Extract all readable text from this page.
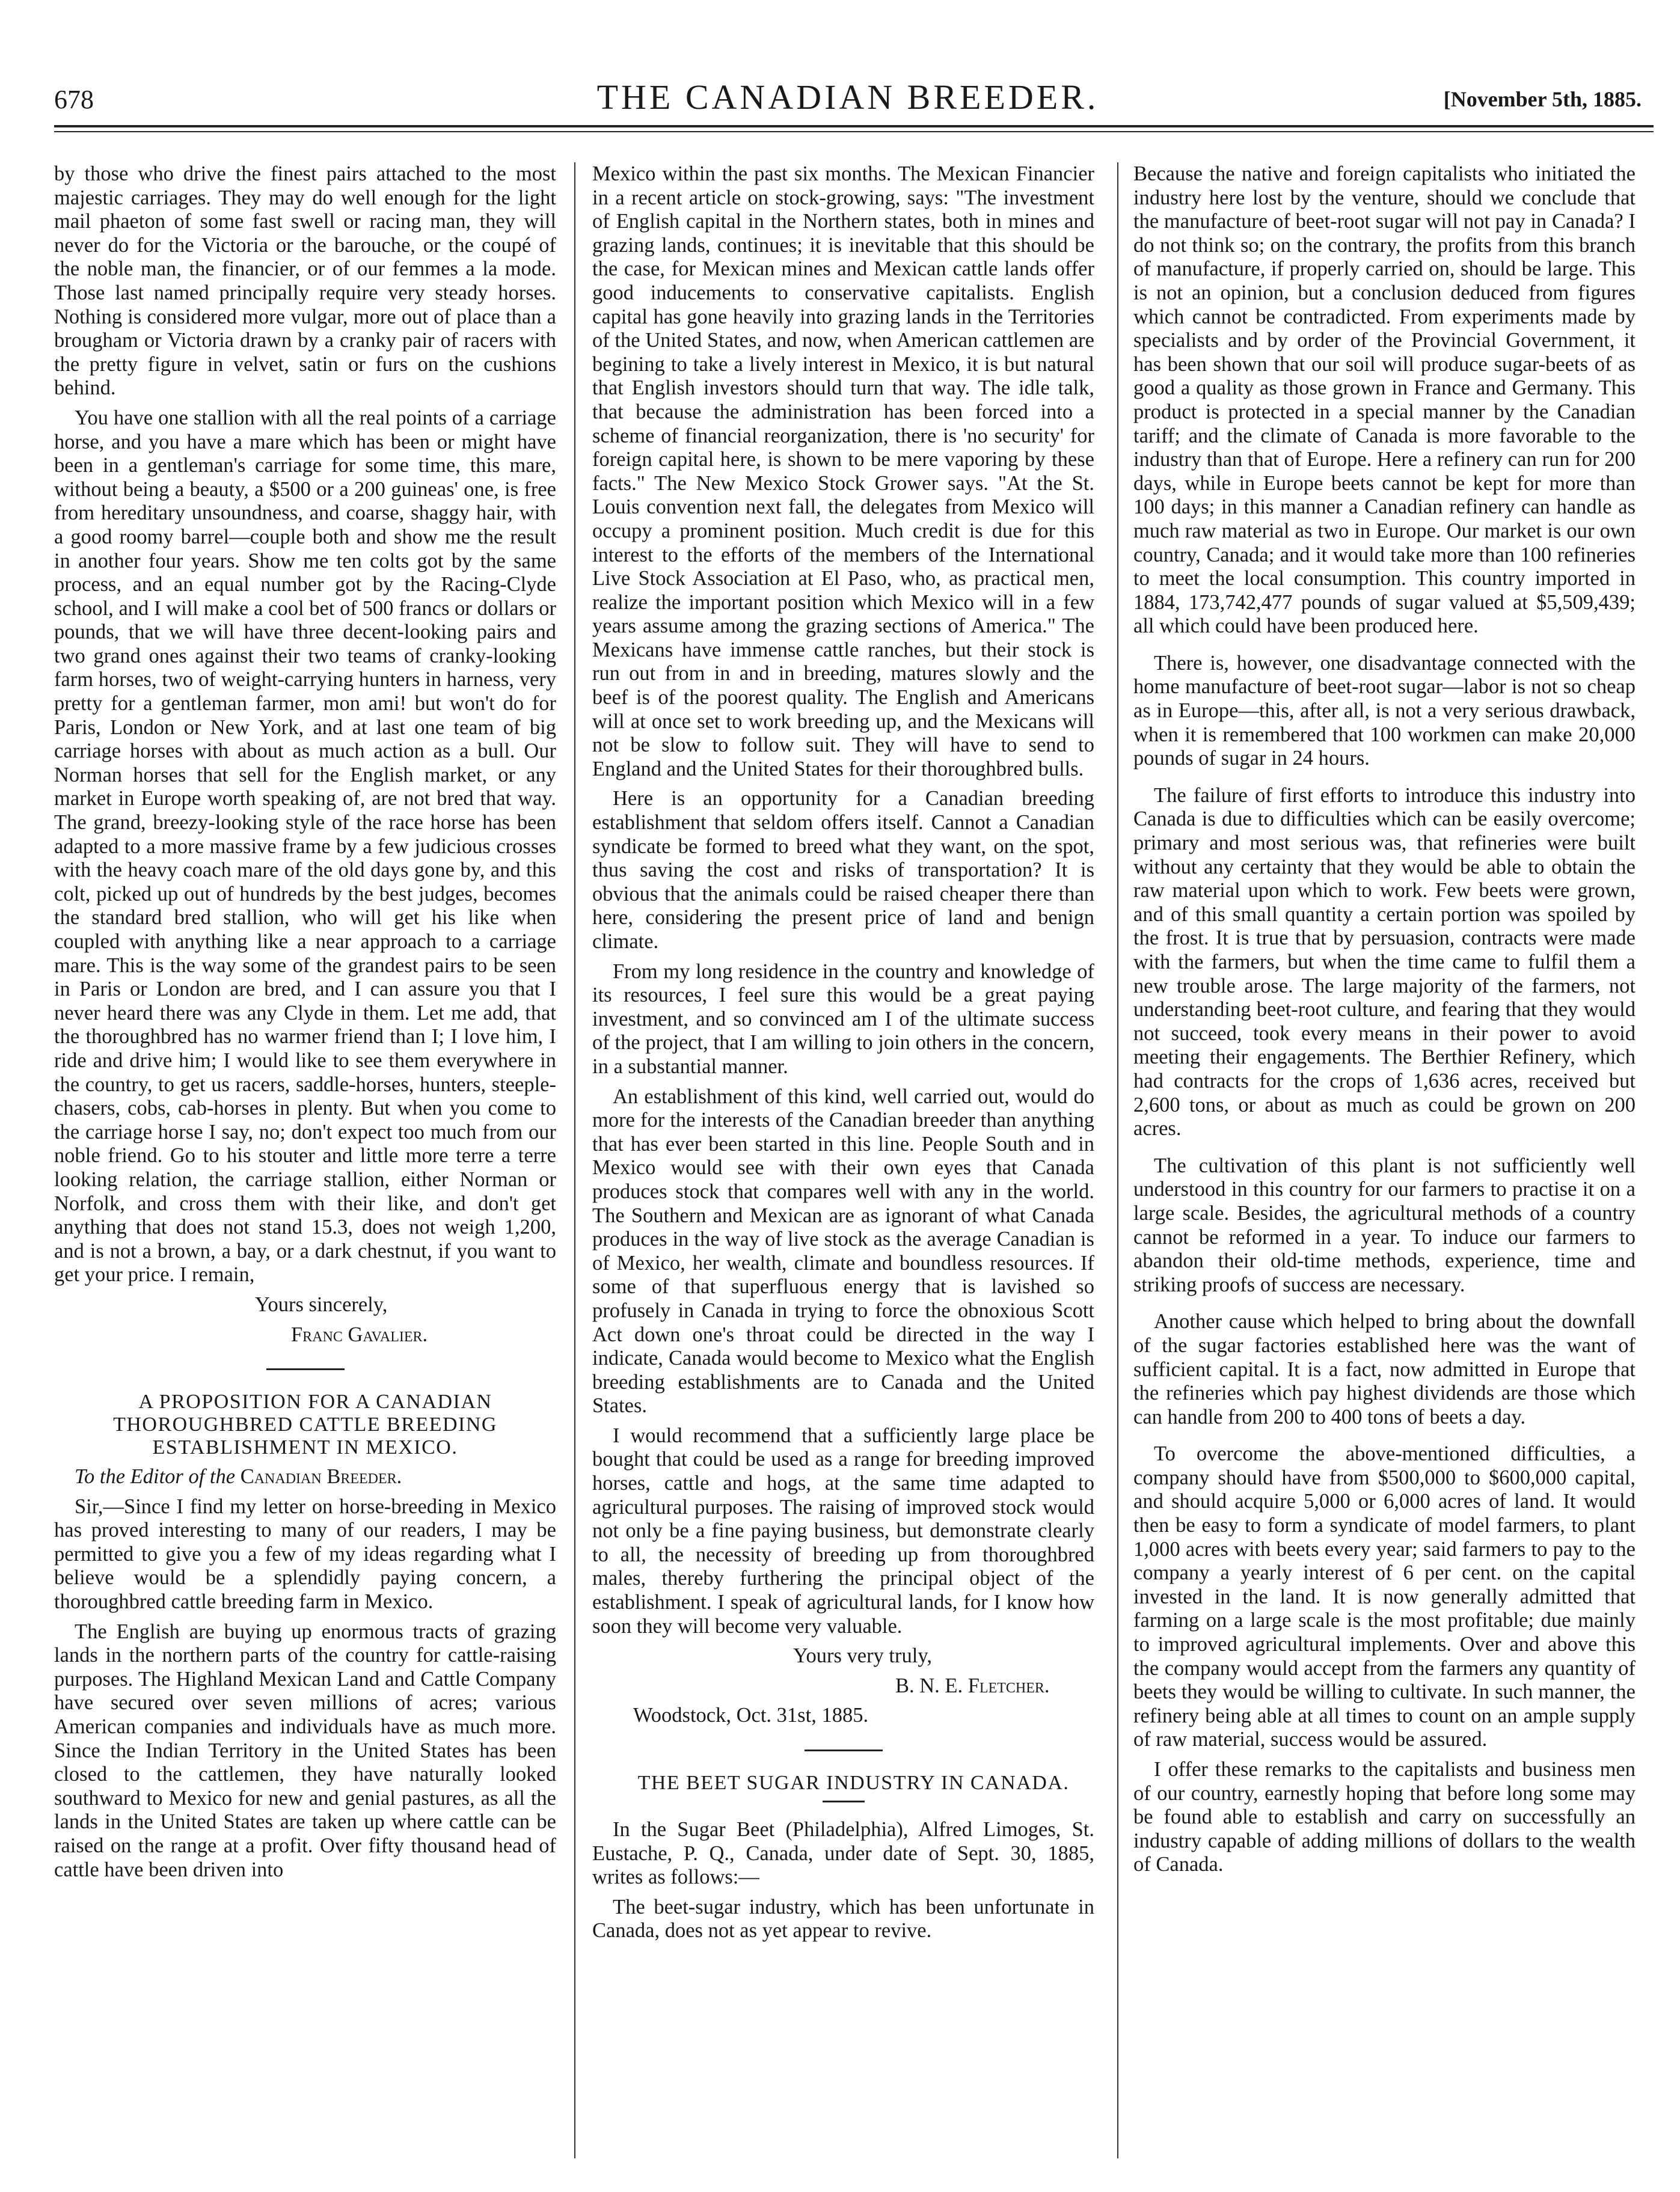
678	THE CANADIAN BREEDER.	[November 5th, 1885.

by those who drive the finest pairs attached to the most majestic carriages. They may do well enough for the light mail phaeton of some fast swell or racing man, they will never do for the Victoria or the barouche, or the coupé of the noble man, the financier, or of our femmes a la mode. Those last named principally require very steady horses. Nothing is considered more vulgar, more out of place than a brougham or Victoria drawn by a cranky pair of racers with the pretty figure in velvet, satin or furs on the cushions behind.

You have one stallion with all the real points of a carriage horse, and you have a mare which has been or might have been in a gentleman's carriage for some time, this mare, without being a beauty, a $500 or a 200 guineas' one, is free from hereditary unsoundness, and coarse, shaggy hair, with a good roomy barrel—couple both and show me the result in another four years. Show me ten colts got by the same process, and an equal number got by the Racing-Clyde school, and I will make a cool bet of 500 francs or dollars or pounds, that we will have three decent-looking pairs and two grand ones against their two teams of cranky-looking farm horses, two of weight-carrying hunters in harness, very pretty for a gentleman farmer, mon ami! but won't do for Paris, London or New York, and at last one team of big carriage horses with about as much action as a bull. Our Norman horses that sell for the English market, or any market in Europe worth speaking of, are not bred that way. The grand, breezy-looking style of the race horse has been adapted to a more massive frame by a few judicious crosses with the heavy coach mare of the old days gone by, and this colt, picked up out of hundreds by the best judges, becomes the standard bred stallion, who will get his like when coupled with anything like a near approach to a carriage mare. This is the way some of the grandest pairs to be seen in Paris or London are bred, and I can assure you that I never heard there was any Clyde in them. Let me add, that the thoroughbred has no warmer friend than I; I love him, I ride and drive him; I would like to see them everywhere in the country, to get us racers, saddle-horses, hunters, steeple-chasers, cobs, cab-horses in plenty. But when you come to the carriage horse I say, no; don't expect too much from our noble friend. Go to his stouter and little more terre a terre looking relation, the carriage stallion, either Norman or Norfolk, and cross them with their like, and don't get anything that does not stand 15.3, does not weigh 1,200, and is not a brown, a bay, or a dark chestnut, if you want to get your price. I remain,

Yours sincerely,

Franc Gavalier.

A PROPOSITION FOR A CANADIAN THOROUGHBRED CATTLE BREEDING ESTABLISHMENT IN MEXICO.

To the Editor of the Canadian Breeder.

Sir,—Since I find my letter on horse-breeding in Mexico has proved interesting to many of our readers, I may be permitted to give you a few of my ideas regarding what I believe would be a splendidly paying concern, a thoroughbred cattle breeding farm in Mexico.

The English are buying up enormous tracts of grazing lands in the northern parts of the country for cattle-raising purposes. The Highland Mexican Land and Cattle Company have secured over seven millions of acres; various American companies and individuals have as much more. Since the Indian Territory in the United States has been closed to the cattlemen, they have naturally looked southward to Mexico for new and genial pastures, as all the lands in the United States are taken up where cattle can be raised on the range at a profit. Over fifty thousand head of cattle have been driven into

Mexico within the past six months. The Mexican Financier in a recent article on stock-growing, says: "The investment of English capital in the Northern states, both in mines and grazing lands, continues; it is inevitable that this should be the case, for Mexican mines and Mexican cattle lands offer good inducements to conservative capitalists. English capital has gone heavily into grazing lands in the Territories of the United States, and now, when American cattlemen are begining to take a lively interest in Mexico, it is but natural that English investors should turn that way. The idle talk, that because the administration has been forced into a scheme of financial reorganization, there is 'no security' for foreign capital here, is shown to be mere vaporing by these facts." The New Mexico Stock Grower says. "At the St. Louis convention next fall, the delegates from Mexico will occupy a prominent position. Much credit is due for this interest to the efforts of the members of the International Live Stock Association at El Paso, who, as practical men, realize the important position which Mexico will in a few years assume among the grazing sections of America." The Mexicans have immense cattle ranches, but their stock is run out from in and in breeding, matures slowly and the beef is of the poorest quality. The English and Americans will at once set to work breeding up, and the Mexicans will not be slow to follow suit. They will have to send to England and the United States for their thoroughbred bulls.

Here is an opportunity for a Canadian breeding establishment that seldom offers itself. Cannot a Canadian syndicate be formed to breed what they want, on the spot, thus saving the cost and risks of transportation? It is obvious that the animals could be raised cheaper there than here, considering the present price of land and benign climate.

From my long residence in the country and knowledge of its resources, I feel sure this would be a great paying investment, and so convinced am I of the ultimate success of the project, that I am willing to join others in the concern, in a substantial manner.

An establishment of this kind, well carried out, would do more for the interests of the Canadian breeder than anything that has ever been started in this line. People South and in Mexico would see with their own eyes that Canada produces stock that compares well with any in the world. The Southern and Mexican are as ignorant of what Canada produces in the way of live stock as the average Canadian is of Mexico, her wealth, climate and boundless resources. If some of that superfluous energy that is lavished so profusely in Canada in trying to force the obnoxious Scott Act down one's throat could be directed in the way I indicate, Canada would become to Mexico what the English breeding establishments are to Canada and the United States.

I would recommend that a sufficiently large place be bought that could be used as a range for breeding improved horses, cattle and hogs, at the same time adapted to agricultural purposes. The raising of improved stock would not only be a fine paying business, but demonstrate clearly to all, the necessity of breeding up from thoroughbred males, thereby furthering the principal object of the establishment. I speak of agricultural lands, for I know how soon they will become very valuable.

Yours very truly,

B. N. E. Fletcher.

Woodstock, Oct. 31st, 1885.

THE BEET SUGAR INDUSTRY IN CANADA.

In the Sugar Beet (Philadelphia), Alfred Limoges, St. Eustache, P. Q., Canada, under date of Sept. 30, 1885, writes as follows:—

The beet-sugar industry, which has been unfortunate in Canada, does not as yet appear to revive.

Because the native and foreign capitalists who initiated the industry here lost by the venture, should we conclude that the manufacture of beet-root sugar will not pay in Canada? I do not think so; on the contrary, the profits from this branch of manufacture, if properly carried on, should be large. This is not an opinion, but a conclusion deduced from figures which cannot be contradicted. From experiments made by specialists and by order of the Provincial Government, it has been shown that our soil will produce sugar-beets of as good a quality as those grown in France and Germany. This product is protected in a special manner by the Canadian tariff; and the climate of Canada is more favorable to the industry than that of Europe. Here a refinery can run for 200 days, while in Europe beets cannot be kept for more than 100 days; in this manner a Canadian refinery can handle as much raw material as two in Europe. Our market is our own country, Canada; and it would take more than 100 refineries to meet the local consumption. This country imported in 1884, 173,742,477 pounds of sugar valued at $5,509,439; all which could have been produced here.

There is, however, one disadvantage connected with the home manufacture of beet-root sugar—labor is not so cheap as in Europe—this, after all, is not a very serious drawback, when it is remembered that 100 workmen can make 20,000 pounds of sugar in 24 hours.

The failure of first efforts to introduce this industry into Canada is due to difficulties which can be easily overcome; primary and most serious was, that refineries were built without any certainty that they would be able to obtain the raw material upon which to work. Few beets were grown, and of this small quantity a certain portion was spoiled by the frost. It is true that by persuasion, contracts were made with the farmers, but when the time came to fulfil them a new trouble arose. The large majority of the farmers, not understanding beet-root culture, and fearing that they would not succeed, took every means in their power to avoid meeting their engagements. The Berthier Refinery, which had contracts for the crops of 1,636 acres, received but 2,600 tons, or about as much as could be grown on 200 acres.

The cultivation of this plant is not sufficiently well understood in this country for our farmers to practise it on a large scale. Besides, the agricultural methods of a country cannot be reformed in a year. To induce our farmers to abandon their old-time methods, experience, time and striking proofs of success are necessary.

Another cause which helped to bring about the downfall of the sugar factories established here was the want of sufficient capital. It is a fact, now admitted in Europe that the refineries which pay highest dividends are those which can handle from 200 to 400 tons of beets a day.

To overcome the above-mentioned difficulties, a company should have from $500,000 to $600,000 capital, and should acquire 5,000 or 6,000 acres of land. It would then be easy to form a syndicate of model farmers, to plant 1,000 acres with beets every year; said farmers to pay to the company a yearly interest of 6 per cent. on the capital invested in the land. It is now generally admitted that farming on a large scale is the most profitable; due mainly to improved agricultural implements. Over and above this the company would accept from the farmers any quantity of beets they would be willing to cultivate. In such manner, the refinery being able at all times to count on an ample supply of raw material, success would be assured.

I offer these remarks to the capitalists and business men of our country, earnestly hoping that before long some may be found able to establish and carry on successfully an industry capable of adding millions of dollars to the wealth of Canada.
